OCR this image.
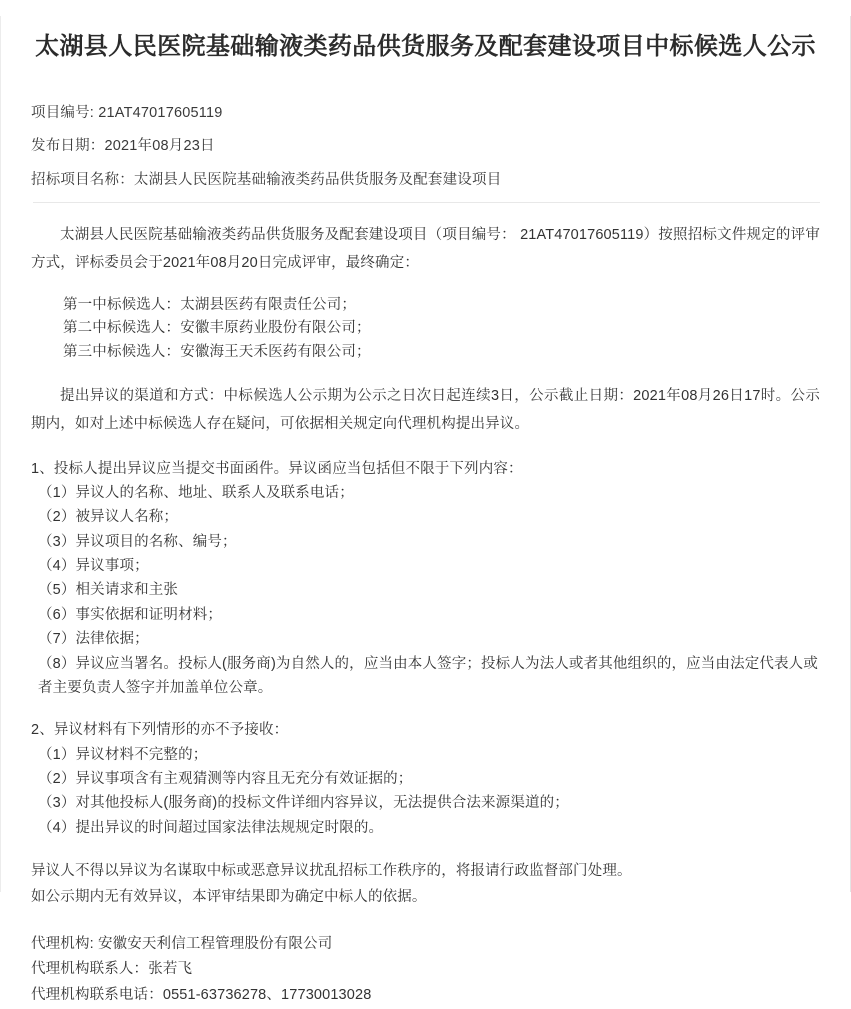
太湖县人民医院基础输液类药品供货服务及配套建设项目中标候选人公示
项目编号: 21AT47017605119
发布日期：2021年08月23日
招标项目名称：太湖县人民医院基础输液类药品供货服务及配套建设项目

太湖县人民医院基础输液类药品供货服务及配套建设项目（项目编号： 21AT47017605119）按照招标文件规定的评审方式，评标委员会于2021年08月20日完成评审，最终确定：

第一中标候选人：太湖县医药有限责任公司；
第二中标候选人：安徽丰原药业股份有限公司；
第三中标候选人：安徽海王天禾医药有限公司；

提出异议的渠道和方式：中标候选人公示期为公示之日次日起连续3日，公示截止日期：2021年08月26日17时。公示期内，如对上述中标候选人存在疑问，可依据相关规定向代理机构提出异议。

1、投标人提出异议应当提交书面函件。异议函应当包括但不限于下列内容：
（1）异议人的名称、地址、联系人及联系电话；
（2）被异议人名称；
（3）异议项目的名称、编号；
（4）异议事项；
（5）相关请求和主张
（6）事实依据和证明材料；
（7）法律依据；
（8）异议应当署名。投标人(服务商)为自然人的，应当由本人签字；投标人为法人或者其他组织的，应当由法定代表人或者主要负责人签字并加盖单位公章。
2、异议材料有下列情形的亦不予接收：
（1）异议材料不完整的；
（2）异议事项含有主观猜测等内容且无充分有效证据的；
（3）对其他投标人(服务商)的投标文件详细内容异议，无法提供合法来源渠道的；
（4）提出异议的时间超过国家法律法规规定时限的。
异议人不得以异议为名谋取中标或恶意异议扰乱招标工作秩序的，将报请行政监督部门处理。
如公示期内无有效异议，本评审结果即为确定中标人的依据。
代理机构: 安徽安天利信工程管理股份有限公司
代理机构联系人：张若飞
代理机构联系电话：0551-63736278、17730013028
